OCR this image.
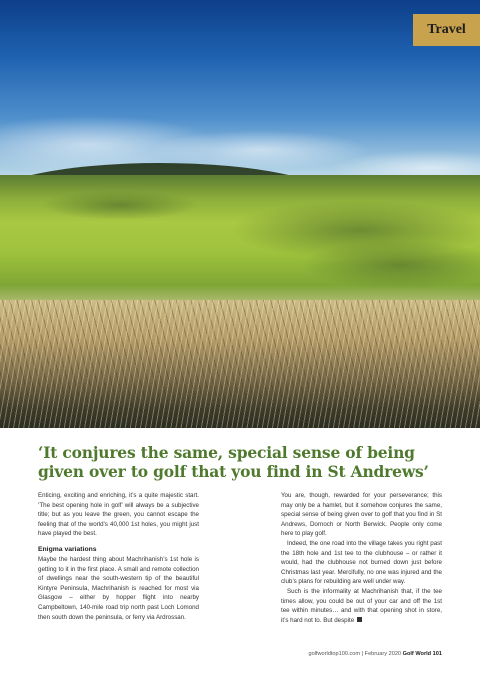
Travel
‘It conjures the same, special sense of being given over to golf that you find in St Andrews’

Enticing, exciting and enriching, it’s a quite majestic start. ‘The best opening hole in golf’ will always be a subjective title; but as you leave the green, you cannot escape the feeling that of the world’s 40,000 1st holes, you might just have played the best.

Enigma variations

Maybe the hardest thing about Machrihanish’s 1st hole is getting to it in the first place. A small and remote collection of dwellings near the south-western tip of the beautiful Kintyre Peninsula, Machrihanish is reached for most via Glasgow – either by hopper flight into nearby Campbeltown, 140-mile road trip north past Loch Lomond then south down the peninsula, or ferry via Ardrossan.

You are, though, rewarded for your perseverance; this may only be a hamlet, but it somehow conjures the same, special sense of being given over to golf that you find in St Andrews, Dornoch or North Berwick. People only come here to play golf.

Indeed, the one road into the village takes you right past the 18th hole and 1st tee to the clubhouse – or rather it would, had the clubhouse not burned down just before Christmas last year. Mercifully, no one was injured and the club’s plans for rebuilding are well under way.

Such is the informality at Machrihanish that, if the tee times allow, you could be out of your car and off the 1st tee within minutes… and with that opening shot in store, it’s hard not to. But despite

golfworldtop100.com | February 2020 Golf World 101
